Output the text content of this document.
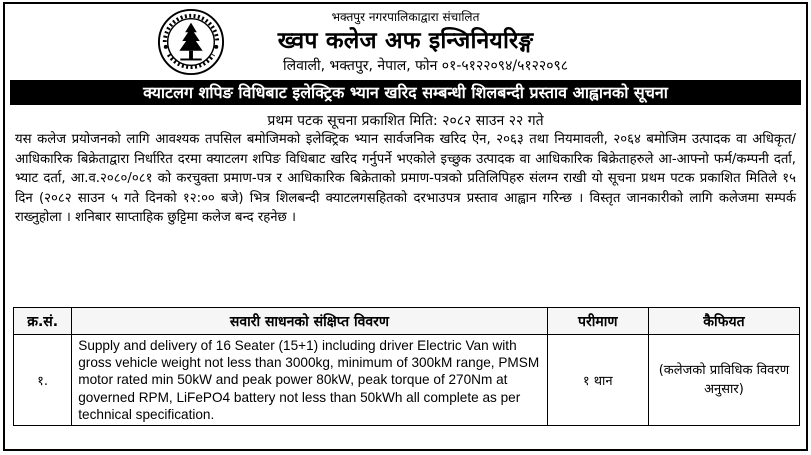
भक्तपुर नगरपालिकाद्वारा संचालित
ख्वप कलेज अफ इन्जिनियरिङ्ग
लिवाली, भक्तपुर, नेपाल, फोन ०१-५१२२०९४/५१२२०९८
क्याटलग शपिङ विधिबाट इलेक्ट्रिक भ्यान खरिद सम्बन्धी शिलबन्दी प्रस्ताव आह्वानको सूचना
प्रथम पटक सूचना प्रकाशित मिति: २०८२ साउन २२ गते

यस कलेज प्रयोजनको लागि आवश्यक तपसिल बमोजिमको इलेक्ट्रिक भ्यान सार्वजनिक खरिद ऐन, २०६३ तथा नियमावली, २०६४ बमोजिम उत्पादक वा अधिकृत/आधिकारिक बिक्रेताद्वारा निर्धारित दरमा क्याटलग शपिङ विधिबाट खरिद गर्नुपर्ने भएकोले इच्छुक उत्पादक वा आधिकारिक बिक्रेताहरुले आ-आफ्नो फर्म/कम्पनी दर्ता, भ्याट दर्ता, आ.व.२०८०/०८१ को करचुक्ता प्रमाण-पत्र र आधिकारिक बिक्रेताको प्रमाण-पत्रको प्रतिलिपिहरु संलग्न राखी यो सूचना प्रथम पटक प्रकाशित मितिले १५ दिन (२०८२ साउन ५ गते दिनको १२:०० बजे) भित्र शिलबन्दी क्याटलगसहितको दरभाउपत्र प्रस्ताव आह्वान गरिन्छ । विस्तृत जानकारीको लागि कलेजमा सम्पर्क राख्नुहोला । शनिबार साप्ताहिक छुट्टिमा कलेज बन्द रहनेछ ।

क्र.सं.	सवारी साधनको संक्षिप्त विवरण	परीमाण	कैफियत
१.	Supply and delivery of 16 Seater (15+1) including driver Electric Van with gross vehicle weight not less than 3000kg, minimum of 300kM range, PMSM motor rated min 50kW and peak power 80kW, peak torque of 270Nm at governed RPM, LiFePO4 battery not less than 50kWh all complete as per technical specification.	१ थान	(कलेजको प्राविधिक विवरण अनुसार)
